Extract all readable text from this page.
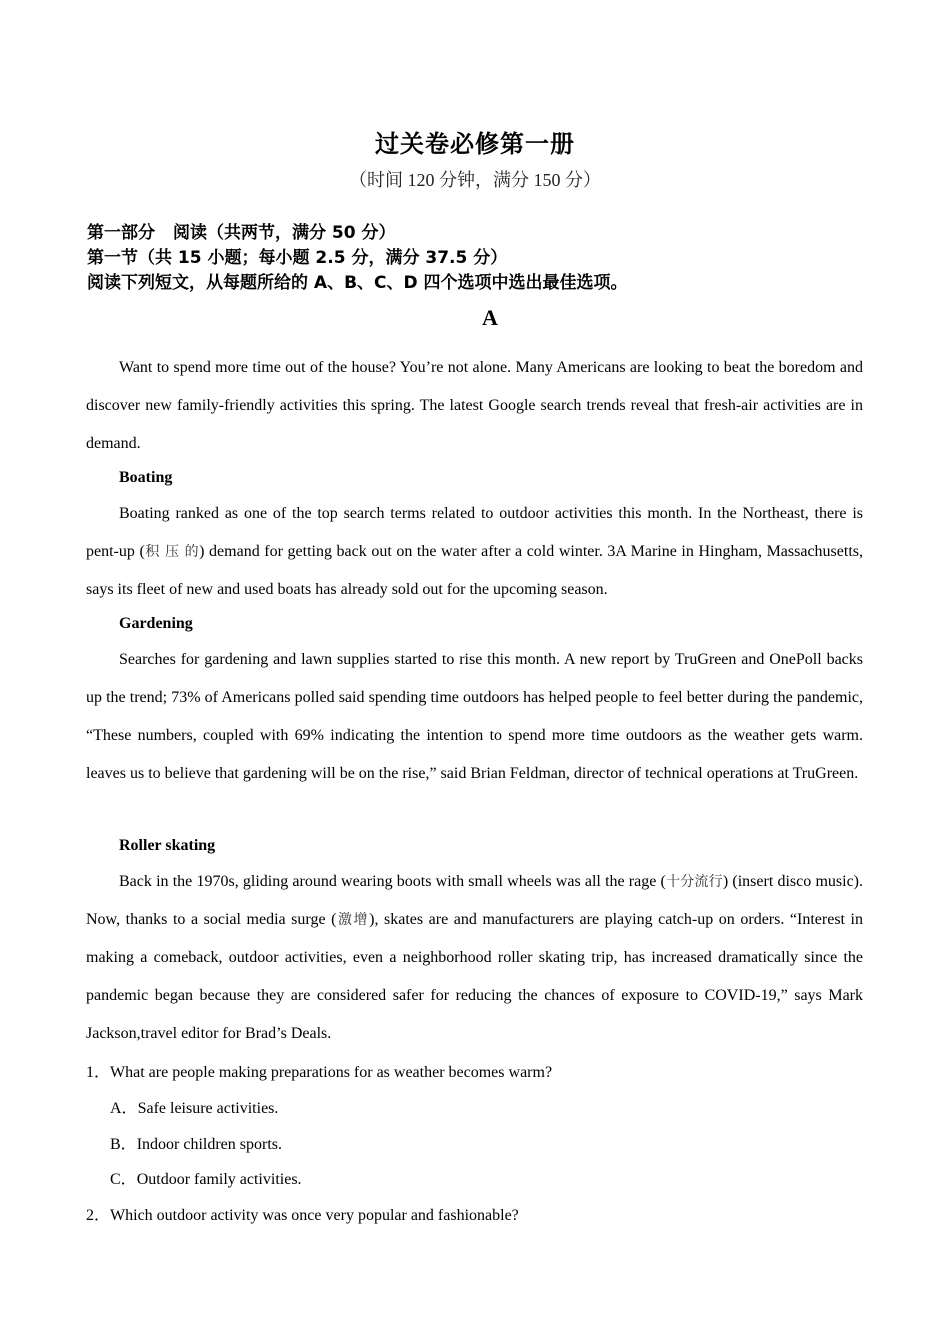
过关卷必修第一册
（时间 120 分钟，满分 150 分）
第一部分 阅读（共两节，满分 50 分）
第一节（共 15 小题；每小题 2.5 分，满分 37.5 分）
阅读下列短文，从每题所给的 A、B、C、D 四个选项中选出最佳选项。
A
Want to spend more time out of the house? You’re not alone. Many Americans are looking to beat the boredom and discover new family-friendly activities this spring. The latest Google search trends reveal that fresh-air activities are in demand.
Boating
Boating ranked as one of the top search terms related to outdoor activities this month. In the Northeast, there is pent-up (积 压 的) demand for getting back out on the water after a cold winter. 3A Marine in Hingham, Massachusetts, says its fleet of new and used boats has already sold out for the upcoming season.
Gardening
Searches for gardening and lawn supplies started to rise this month. A new report by TruGreen and OnePoll backs up the trend; 73% of Americans polled said spending time outdoors has helped people to feel better during the pandemic, “These numbers, coupled with 69% indicating the intention to spend more time outdoors as the weather gets warm. leaves us to believe that gardening will be on the rise,” said Brian Feldman, director of technical operations at TruGreen.
Roller skating
Back in the 1970s, gliding around wearing boots with small wheels was all the rage (十分流行) (insert disco music). Now, thanks to a social media surge (激增), skates are and manufacturers are playing catch-up on orders. “Interest in making a comeback, outdoor activities, even a neighborhood roller skating trip, has increased dramatically since the pandemic began because they are considered safer for reducing the chances of exposure to COVID-19,” says Mark Jackson,travel editor for Brad’s Deals.
1．What are people making preparations for as weather becomes warm?
A．Safe leisure activities.
B．Indoor children sports.
C．Outdoor family activities.
2．Which outdoor activity was once very popular and fashionable?
